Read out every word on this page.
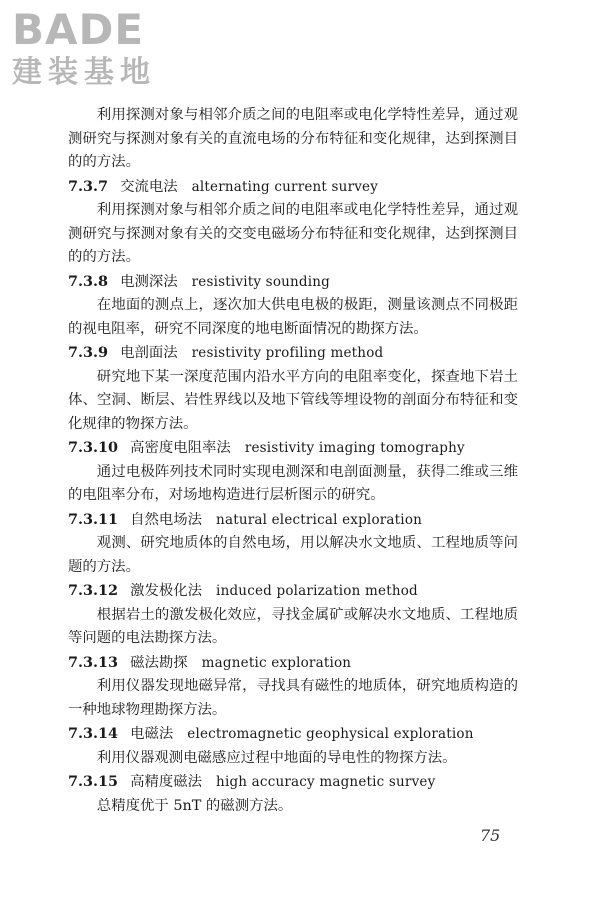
BADE
建装基地

利用探测对象与相邻介质之间的电阻率或电化学特性差异，通过观测研究与探测对象有关的直流电场的分布特征和变化规律，达到探测目的的方法。

7.3.7 交流电法 alternating current survey

利用探测对象与相邻介质之间的电阻率或电化学特性差异，通过观测研究与探测对象有关的交变电磁场分布特征和变化规律，达到探测目的的方法。

7.3.8 电测深法 resistivity sounding

在地面的测点上，逐次加大供电电极的极距，测量该测点不同极距的视电阻率，研究不同深度的地电断面情况的勘探方法。

7.3.9 电剖面法 resistivity profiling method

研究地下某一深度范围内沿水平方向的电阻率变化，探查地下岩土体、空洞、断层、岩性界线以及地下管线等埋设物的剖面分布特征和变化规律的物探方法。

7.3.10 高密度电阻率法 resistivity imaging tomography

通过电极阵列技术同时实现电测深和电剖面测量，获得二维或三维的电阻率分布，对场地构造进行层析图示的研究。

7.3.11 自然电场法 natural electrical exploration

观测、研究地质体的自然电场，用以解决水文地质、工程地质等问题的方法。

7.3.12 激发极化法 induced polarization method

根据岩土的激发极化效应，寻找金属矿或解决水文地质、工程地质等问题的电法勘探方法。

7.3.13 磁法勘探 magnetic exploration

利用仪器发现地磁异常，寻找具有磁性的地质体，研究地质构造的一种地球物理勘探方法。

7.3.14 电磁法 electromagnetic geophysical exploration

利用仪器观测电磁感应过程中地面的导电性的物探方法。

7.3.15 高精度磁法 high accuracy magnetic survey

总精度优于 5nT 的磁测方法。

75
